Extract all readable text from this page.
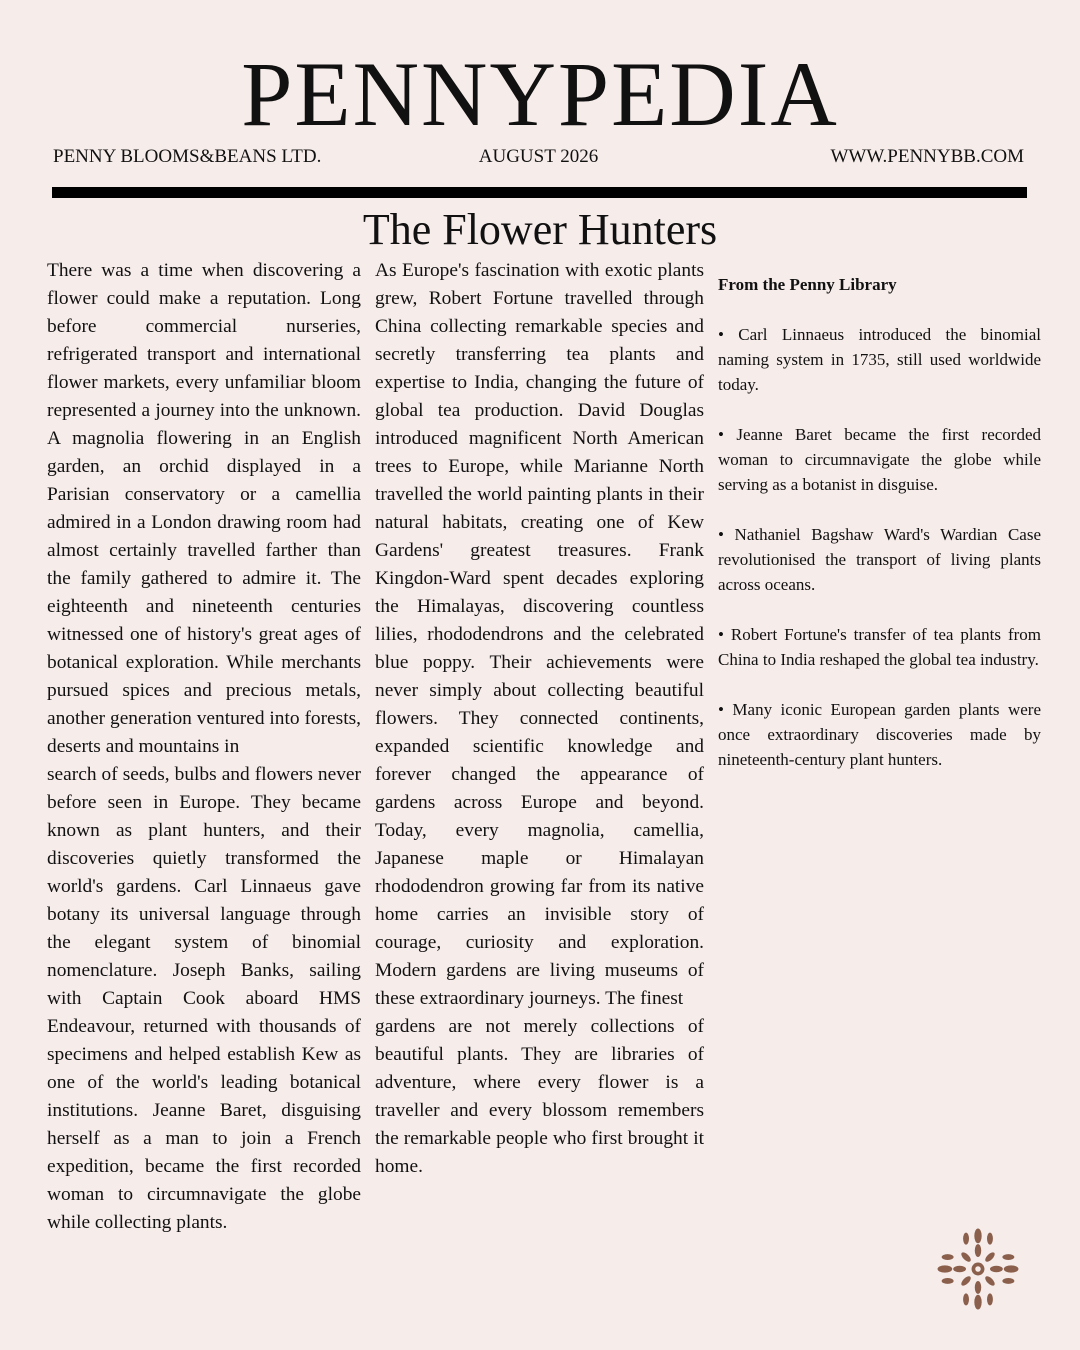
PENNYPEDIA
AUGUST 2026
PENNY BLOOMS&BEANS LTD.	WWW.PENNYBB.COM
The Flower Hunters

There was a time when discovering a flower could make a reputation. Long before commercial nurseries, refrigerated transport and international flower markets, every unfamiliar bloom represented a journey into the unknown. A magnolia flowering in an English garden, an orchid displayed in a Parisian conservatory or a camellia admired in a London drawing room had almost certainly travelled farther than the family gathered to admire it. The eighteenth and nineteenth centuries witnessed one of history's great ages of botanical exploration. While merchants pursued spices and precious metals, another generation ventured into forests, deserts and mountains in

search of seeds, bulbs and flowers never before seen in Europe. They became known as plant hunters, and their discoveries quietly transformed the world's gardens. Carl Linnaeus gave botany its universal language through the elegant system of binomial nomenclature. Joseph Banks, sailing with Captain Cook aboard HMS Endeavour, returned with thousands of specimens and helped establish Kew as one of the world's leading botanical institutions. Jeanne Baret, disguising herself as a man to join a French expedition, became the first recorded woman to circumnavigate the globe while collecting plants.

As Europe's fascination with exotic plants grew, Robert Fortune travelled through China collecting remarkable species and secretly transferring tea plants and expertise to India, changing the future of global tea production. David Douglas introduced magnificent North American trees to Europe, while Marianne North travelled the world painting plants in their natural habitats, creating one of Kew Gardens' greatest treasures. Frank Kingdon-Ward spent decades exploring the Himalayas, discovering countless lilies, rhododendrons and the celebrated blue poppy. Their achievements were never simply about collecting beautiful flowers. They connected continents, expanded scientific knowledge and forever changed the appearance of gardens across Europe and beyond. Today, every magnolia, camellia, Japanese maple or Himalayan rhododendron growing far from its native home carries an invisible story of courage, curiosity and exploration. Modern gardens are living museums of these extraordinary journeys. The finest

gardens are not merely collections of beautiful plants. They are libraries of adventure, where every flower is a traveller and every blossom remembers the remarkable people who first brought it home.

From the Penny Library

• Carl Linnaeus introduced the binomial naming system in 1735, still used worldwide today.

• Jeanne Baret became the first recorded woman to circumnavigate the globe while serving as a botanist in disguise.

• Nathaniel Bagshaw Ward's Wardian Case revolutionised the transport of living plants across oceans.

• Robert Fortune's transfer of tea plants from China to India reshaped the global tea industry.

• Many iconic European garden plants were once extraordinary discoveries made by nineteenth-century plant hunters.
